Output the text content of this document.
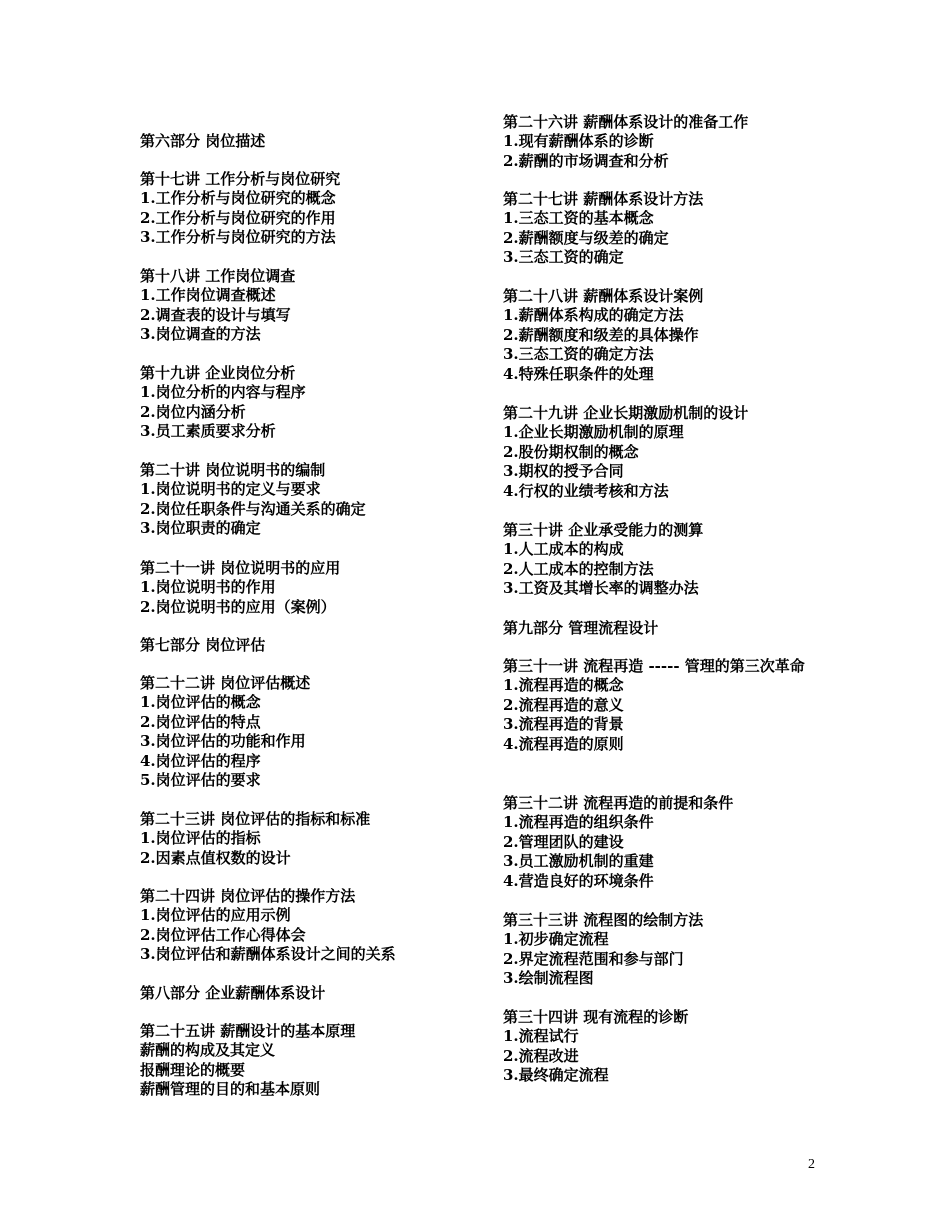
第六部分 岗位描述
第十七讲 工作分析与岗位研究
1.工作分析与岗位研究的概念
2.工作分析与岗位研究的作用
3.工作分析与岗位研究的方法
第十八讲 工作岗位调查
1.工作岗位调查概述
2.调查表的设计与填写
3.岗位调查的方法
第十九讲 企业岗位分析
1.岗位分析的内容与程序
2.岗位内涵分析
3.员工素质要求分析
第二十讲 岗位说明书的编制
1.岗位说明书的定义与要求
2.岗位任职条件与沟通关系的确定
3.岗位职责的确定
第二十一讲 岗位说明书的应用
1.岗位说明书的作用
2.岗位说明书的应用（案例）
第七部分 岗位评估
第二十二讲 岗位评估概述
1.岗位评估的概念
2.岗位评估的特点
3.岗位评估的功能和作用
4.岗位评估的程序
5.岗位评估的要求
第二十三讲 岗位评估的指标和标准
1.岗位评估的指标
2.因素点值权数的设计
第二十四讲 岗位评估的操作方法
1.岗位评估的应用示例
2.岗位评估工作心得体会
3.岗位评估和薪酬体系设计之间的关系
第八部分 企业薪酬体系设计
第二十五讲 薪酬设计的基本原理
薪酬的构成及其定义
报酬理论的概要
薪酬管理的目的和基本原则
第二十六讲 薪酬体系设计的准备工作
1.现有薪酬体系的诊断
2.薪酬的市场调查和分析
第二十七讲 薪酬体系设计方法
1.三态工资的基本概念
2.薪酬额度与级差的确定
3.三态工资的确定
第二十八讲 薪酬体系设计案例
1.薪酬体系构成的确定方法
2.薪酬额度和级差的具体操作
3.三态工资的确定方法
4.特殊任职条件的处理
第二十九讲 企业长期激励机制的设计
1.企业长期激励机制的原理
2.股份期权制的概念
3.期权的授予合同
4.行权的业绩考核和方法
第三十讲 企业承受能力的测算
1.人工成本的构成
2.人工成本的控制方法
3.工资及其增长率的调整办法
第九部分 管理流程设计
第三十一讲 流程再造 ----- 管理的第三次革命
1.流程再造的概念
2.流程再造的意义
3.流程再造的背景
4.流程再造的原则
第三十二讲 流程再造的前提和条件
1.流程再造的组织条件
2.管理团队的建设
3.员工激励机制的重建
4.营造良好的环境条件
第三十三讲 流程图的绘制方法
1.初步确定流程
2.界定流程范围和参与部门
3.绘制流程图
第三十四讲 现有流程的诊断
1.流程试行
2.流程改进
3.最终确定流程
2
